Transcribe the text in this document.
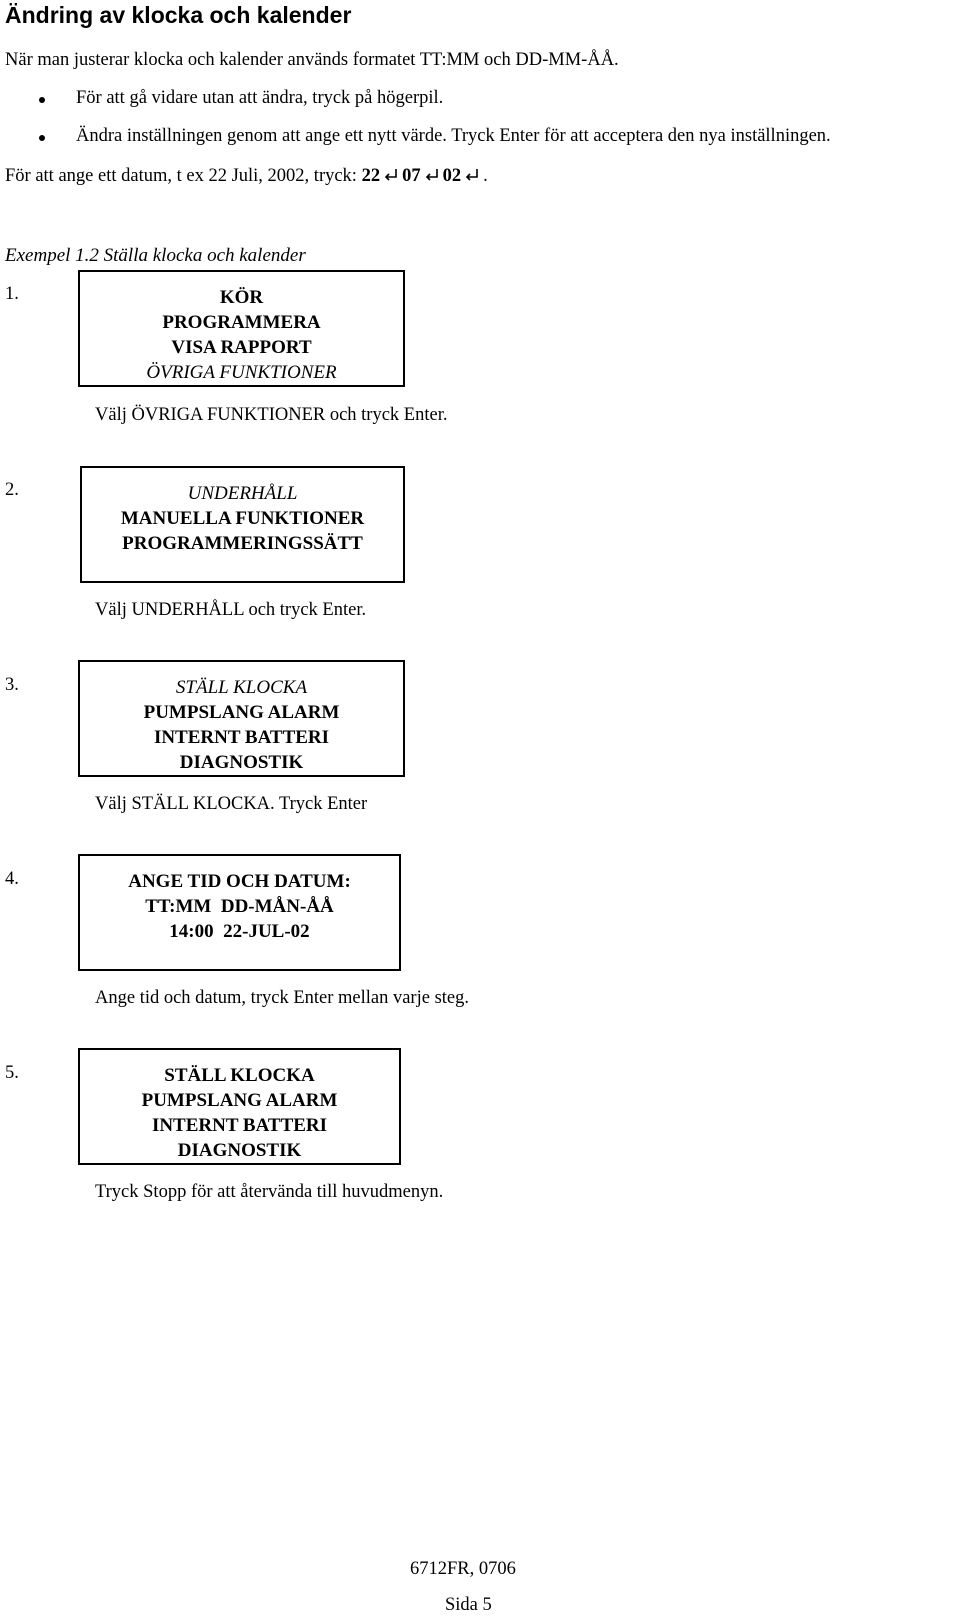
Ändring av klocka och kalender
När man justerar klocka och kalender används formatet TT:MM och DD-MM-ÅÅ.
För att gå vidare utan att ändra, tryck på högerpil.
Ändra inställningen genom att ange ett nytt värde. Tryck Enter för att acceptera den nya inställningen.
För att ange ett datum, t ex 22 Juli, 2002, tryck: 22 07 02 .
Exempel 1.2 Ställa klocka och kalender
1.	KÖR
PROGRAMMERA
VISA RAPPORT
ÖVRIGA FUNKTIONER
Välj ÖVRIGA FUNKTIONER och tryck Enter.
2.	UNDERHÅLL
MANUELLA FUNKTIONER
PROGRAMMERINGSSÄTT
Välj UNDERHÅLL och tryck Enter.
3.	STÄLL KLOCKA
PUMPSLANG ALARM
INTERNT BATTERI
DIAGNOSTIK
Välj STÄLL KLOCKA. Tryck Enter
4.	ANGE TID OCH DATUM:
TT:MM  DD-MÅN-ÅÅ
14:00  22-JUL-02
Ange tid och datum, tryck Enter mellan varje steg.
5.	STÄLL KLOCKA
PUMPSLANG ALARM
INTERNT BATTERI
DIAGNOSTIK
Tryck Stopp för att återvända till huvudmenyn.
6712FR, 0706
Sida 5
